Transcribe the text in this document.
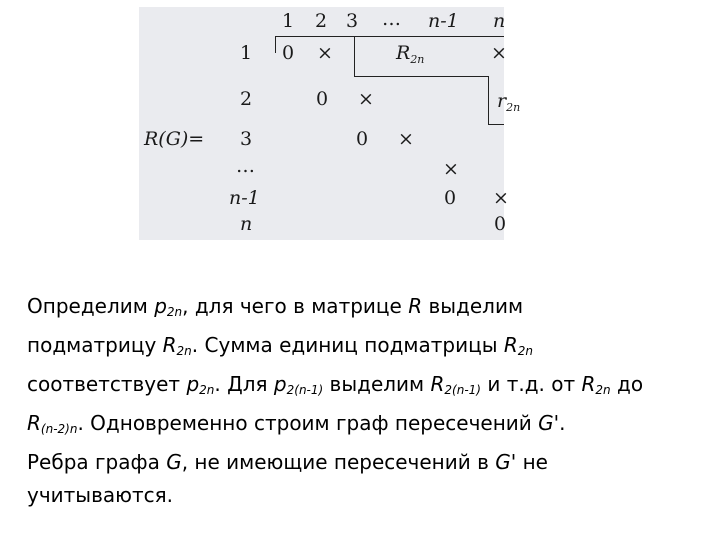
1 2 3 … n-1 n
1
2
3
…
n-1
n
R(G)=
0
0
0
0
0
×
×
×
×
×
×
$R_{2n}$
$r_{2n}$

Определим $p_{2n}$, для чего в матрице R выделим

подматрицу $R_{2n}$. Сумма единиц подматрицы $R_{2n}$

соответствует $p_{2n}$. Для $p_{2(n-1)}$ выделим $R_{2(n-1)}$ и т.д. от $R_{2n}$ до

$R_{(n-2)n}$. Одновременно строим граф пересечений G'.

Ребра графа G, не имеющие пересечений в G' не

учитываются.
